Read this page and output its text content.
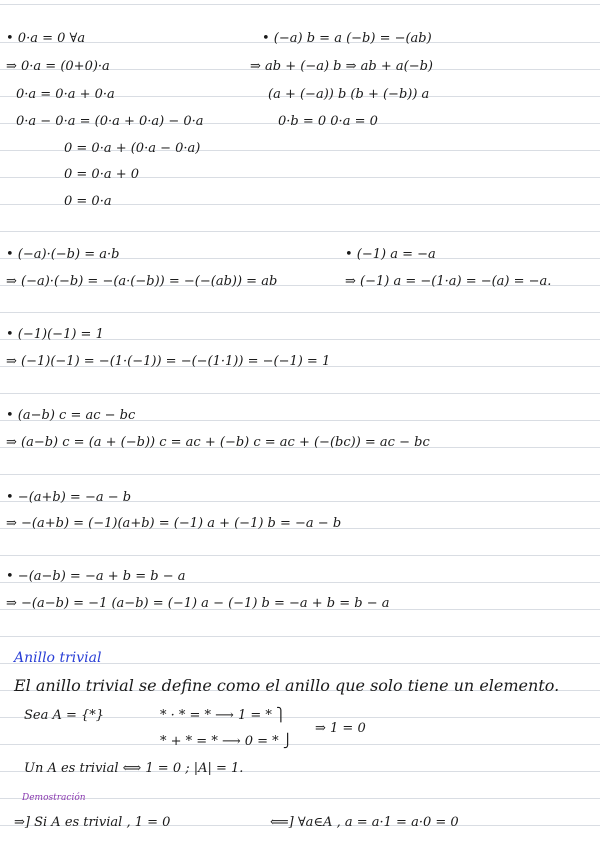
• 0·a = 0 ∀a
⇒ 0·a = (0+0)·a
0·a = 0·a + 0·a
0·a − 0·a = (0·a + 0·a) − 0·a
0 = 0·a + (0·a − 0·a)
0 = 0·a + 0
0 = 0·a
• (−a) b = a (−b) = −(ab)
⇒ ab + (−a) b ⇒ ab + a(−b)
(a + (−a)) b (b + (−b)) a
0·b = 0 0·a = 0
• (−a)·(−b) = a·b
⇒ (−a)·(−b) = −(a·(−b)) = −(−(ab)) = ab
• (−1) a = −a
⇒ (−1) a = −(1·a) = −(a) = −a.
• (−1)(−1) = 1
⇒ (−1)(−1) = −(1·(−1)) = −(−(1·1)) = −(−1) = 1
• (a−b) c = ac − bc
⇒ (a−b) c = (a + (−b)) c = ac + (−b) c = ac + (−(bc)) = ac − bc
• −(a+b) = −a − b
⇒ −(a+b) = (−1)(a+b) = (−1) a + (−1) b = −a − b
• −(a−b) = −a + b = b − a
⇒ −(a−b) = −1 (a−b) = (−1) a − (−1) b = −a + b = b − a
Anillo trivial
El anillo trivial se define como el anillo que solo tiene un elemento.
Sea A = {*}	* · * = * ⟶ 1 = * ⎫
* + * = * ⟶ 0 = * ⎭
⇒ 1 = 0
Un A es trivial ⟺ 1 = 0 ; |A| = 1.
Demostración
⇒] Si A es trivial , 1 = 0	⟸] ∀a∈A , a = a·1 = a·0 = 0
